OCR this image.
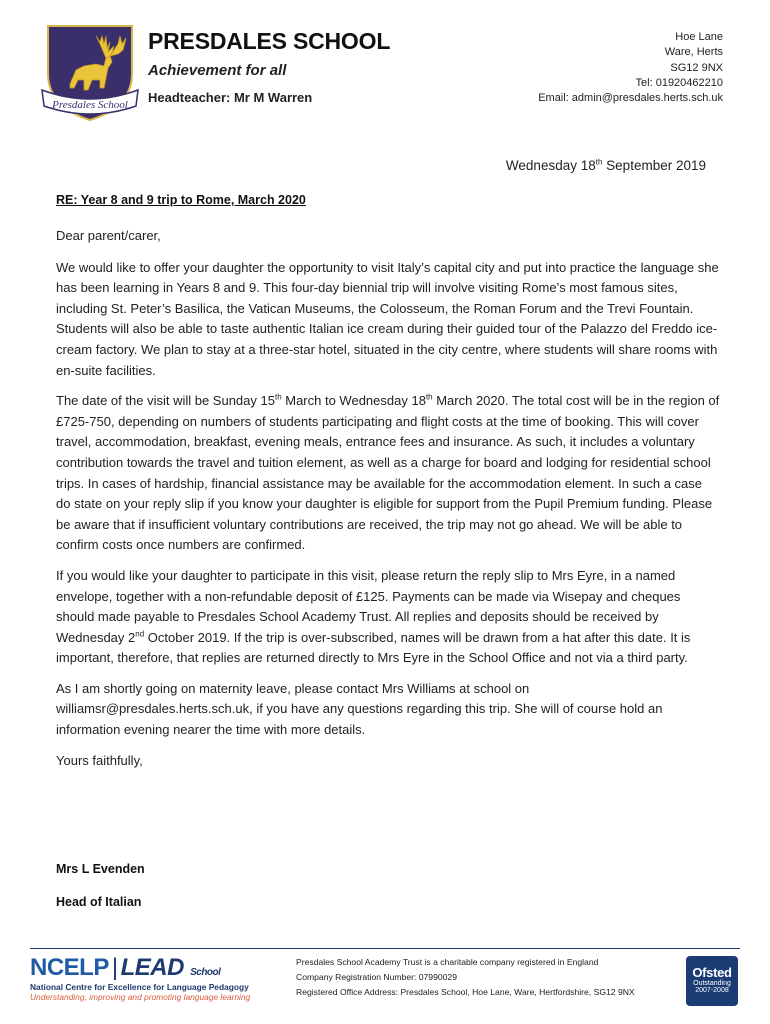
Presdales School
PRESDALES SCHOOL
Achievement for all
Headteacher: Mr M Warren
Hoe Lane
Ware, Herts
SG12 9NX
Tel: 01920462210
Email: admin@presdales.herts.sch.uk
Wednesday 18th September 2019
RE: Year 8 and 9 trip to Rome, March 2020

Dear parent/carer,

We would like to offer your daughter the opportunity to visit Italy’s capital city and put into practice the language she has been learning in Years 8 and 9. This four-day biennial trip will involve visiting Rome’s most famous sites, including St. Peter’s Basilica, the Vatican Museums, the Colosseum, the Roman Forum and the Trevi Fountain. Students will also be able to taste authentic Italian ice cream during their guided tour of the Palazzo del Freddo ice-cream factory. We plan to stay at a three-star hotel, situated in the city centre, where students will share rooms with en-suite facilities.

The date of the visit will be Sunday 15th March to Wednesday 18th March 2020. The total cost will be in the region of £725-750, depending on numbers of students participating and flight costs at the time of booking. This will cover travel, accommodation, breakfast, evening meals, entrance fees and insurance. As such, it includes a voluntary contribution towards the travel and tuition element, as well as a charge for board and lodging for residential school trips. In cases of hardship, financial assistance may be available for the accommodation element. In such a case do state on your reply slip if you know your daughter is eligible for support from the Pupil Premium funding. Please be aware that if insufficient voluntary contributions are received, the trip may not go ahead. We will be able to confirm costs once numbers are confirmed.

If you would like your daughter to participate in this visit, please return the reply slip to Mrs Eyre, in a named envelope, together with a non-refundable deposit of £125. Payments can be made via Wisepay and cheques should made payable to Presdales School Academy Trust. All replies and deposits should be received by Wednesday 2nd October 2019. If the trip is over-subscribed, names will be drawn from a hat after this date. It is important, therefore, that replies are returned directly to Mrs Eyre in the School Office and not via a third party.

As I am shortly going on maternity leave, please contact Mrs Williams at school on williamsr@presdales.herts.sch.uk, if you have any questions regarding this trip. She will of course hold an information evening nearer the time with more details.

Yours faithfully,

Mrs L Evenden
Head of Italian
NCELP | LEAD School
National Centre for Excellence for Language Pedagogy
Understanding, improving and promoting language learning
Presdales School Academy Trust is a charitable company registered in England
Company Registration Number: 07990029
Registered Office Address: Presdales School, Hoe Lane, Ware, Hertfordshire, SG12 9NX
Ofsted
Outstanding
2007-2008
